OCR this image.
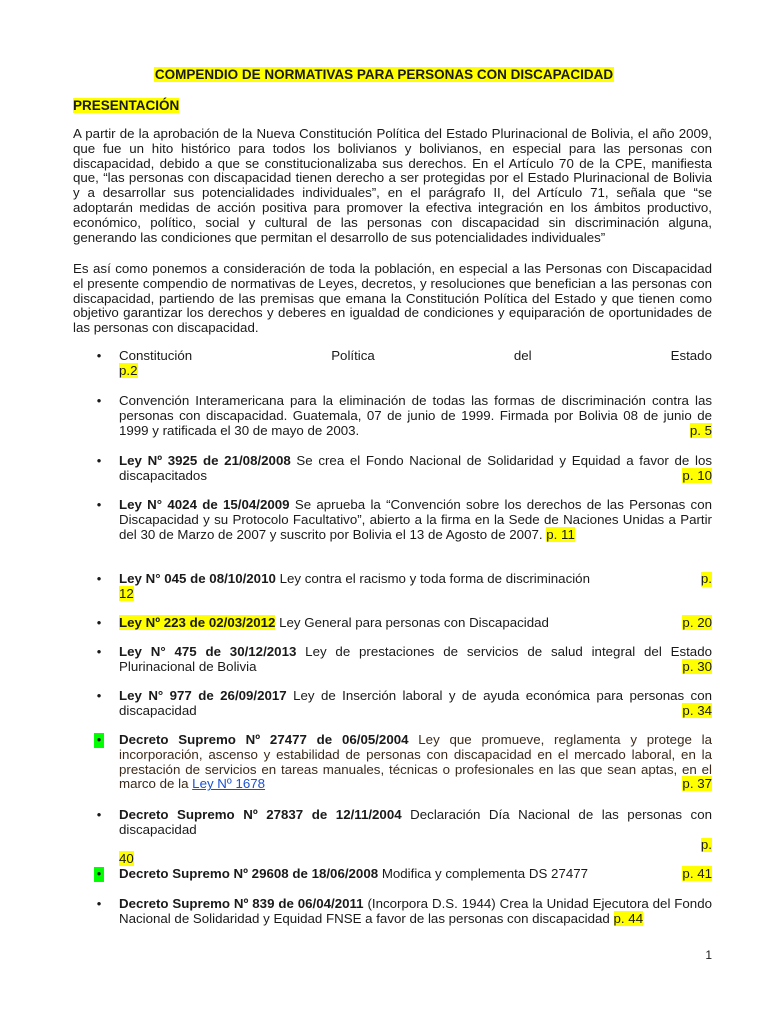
COMPENDIO DE NORMATIVAS PARA PERSONAS CON DISCAPACIDAD
PRESENTACIÓN

A partir de la aprobación de la Nueva Constitución Política del Estado Plurinacional de Bolivia, el año 2009, que fue un hito histórico para todos los bolivianos y bolivianos, en especial para las personas con discapacidad, debido a que se constitucionalizaba sus derechos. En el Artículo 70 de la CPE, manifiesta que, “las personas con discapacidad tienen derecho a ser protegidas por el Estado Plurinacional de Bolivia y a desarrollar sus potencialidades individuales”, en el parágrafo II, del Artículo 71, señala que “se adoptarán medidas de acción positiva para promover la efectiva integración en los ámbitos productivo, económico, político, social y cultural de las personas con discapacidad sin discriminación alguna, generando las condiciones que permitan el desarrollo de sus potencialidades individuales”

Es así como ponemos a consideración de toda la población, en especial a las Personas con Discapacidad el presente compendio de normativas de Leyes, decretos, y resoluciones que benefician a las personas con discapacidad, partiendo de las premisas que emana la Constitución Política del Estado y que tienen como objetivo garantizar los derechos y deberes en igualdad de condiciones y equiparación de oportunidades de las personas con discapacidad.

• Constitución	Política	del	Estado
p.2
• Convención Interamericana para la eliminación de todas las formas de discriminación contra las personas con discapacidad. Guatemala, 07 de junio de 1999. Firmada por Bolivia 08 de junio de 1999 y ratificada el 30 de mayo de 2003.	p. 5
• Ley Nº 3925 de 21/08/2008 Se crea el Fondo Nacional de Solidaridad y Equidad a favor de los discapacitados	p. 10
• Ley N° 4024 de 15/04/2009 Se aprueba la “Convención sobre los derechos de las Personas con Discapacidad y su Protocolo Facultativo”, abierto a la firma en la Sede de Naciones Unidas a Partir del 30 de Marzo de 2007 y suscrito por Bolivia el 13 de Agosto de 2007. p. 11
• Ley N° 045 de 08/10/2010 Ley contra el racismo y toda forma de discriminación	p.
12
• Ley Nº 223 de 02/03/2012 Ley General para personas con Discapacidad	p. 20
• Ley N° 475 de 30/12/2013 Ley de prestaciones de servicios de salud integral del Estado Plurinacional de Bolivia	p. 30
• Ley N° 977 de 26/09/2017 Ley de Inserción laboral y de ayuda económica para personas con discapacidad	p. 34
• Decreto Supremo Nº 27477 de 06/05/2004 Ley que promueve, reglamenta y protege la incorporación, ascenso y estabilidad de personas con discapacidad en el mercado laboral, en la prestación de servicios en tareas manuales, técnicas o profesionales en las que sean aptas, en el marco de la Ley Nº 1678	p. 37
• Decreto Supremo Nº 27837 de 12/11/2004 Declaración Día Nacional de las personas con discapacidad
p.
40
• Decreto Supremo Nº 29608 de 18/06/2008 Modifica y complementa DS 27477	p. 41
• Decreto Supremo Nº 839 de 06/04/2011 (Incorpora D.S. 1944) Crea la Unidad Ejecutora del Fondo Nacional de Solidaridad y Equidad FNSE a favor de las personas con discapacidad p. 44
1
